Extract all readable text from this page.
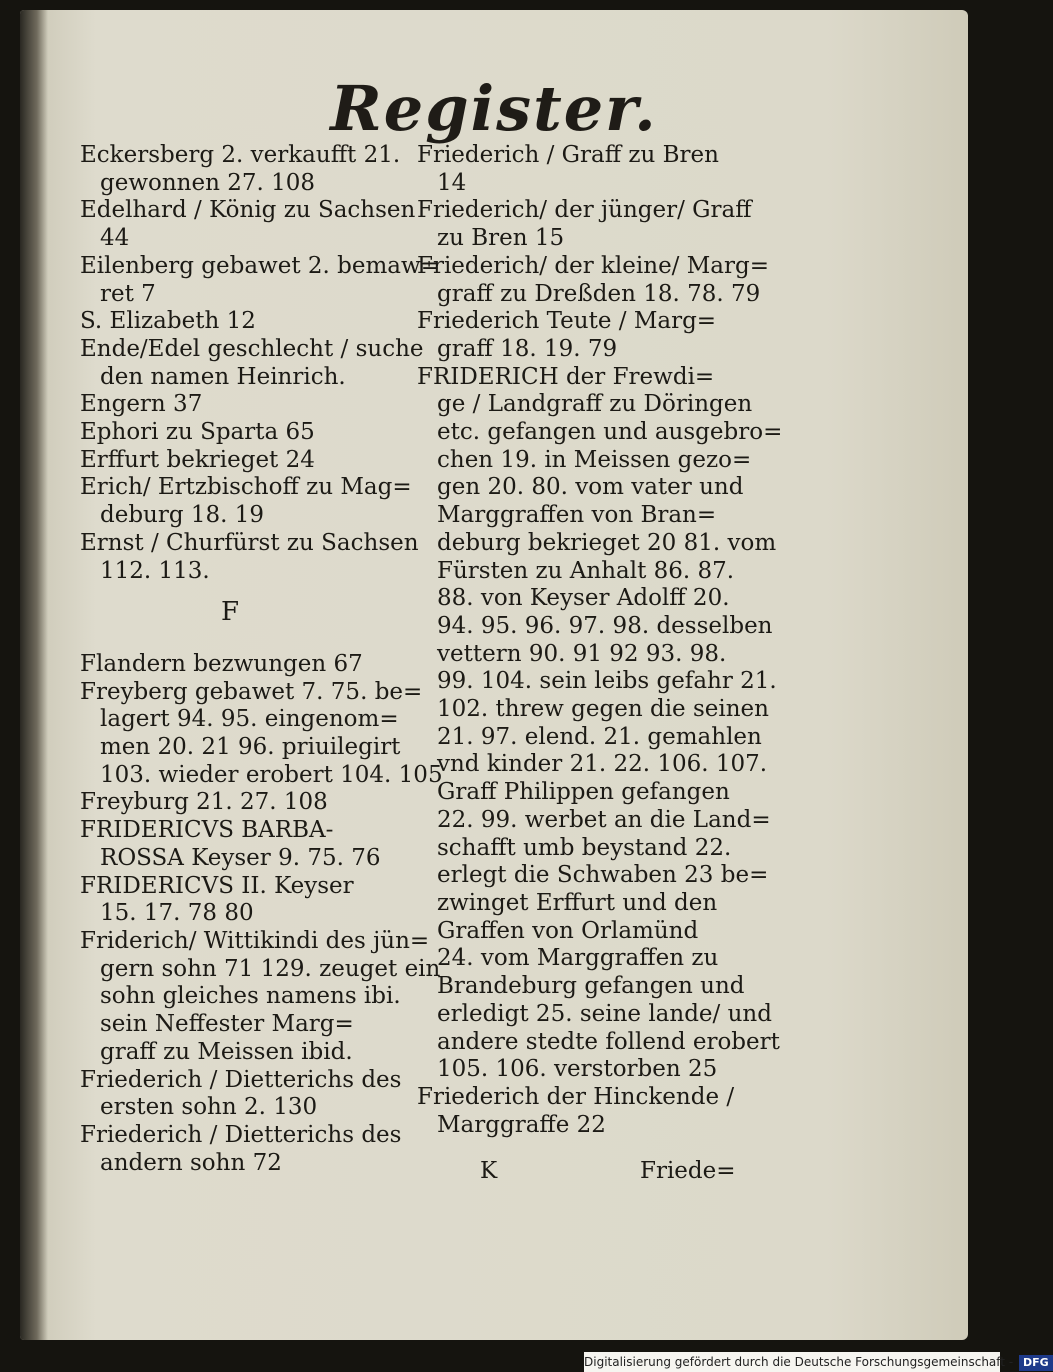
Register.
Eckersberg 2. verkaufft 21.
gewonnen 27. 108
Edelhard / König zu Sachsen
44
Eilenberg gebawet 2. bemaw=
ret 7
S. Elizabeth 12
Ende/Edel geschlecht / suche
den namen Heinrich.
Engern 37
Ephori zu Sparta 65
Erffurt bekrieget 24
Erich/ Ertzbischoff zu Mag=
deburg 18. 19
Ernst / Churfürst zu Sachsen
112. 113.
F
Flandern bezwungen 67
Freyberg gebawet 7. 75. be=
lagert 94. 95. eingenom=
men 20. 21 96. priuilegirt
103. wieder erobert 104. 105
Freyburg 21. 27. 108
FRIDERICVS BARBA-
ROSSA Keyser 9. 75. 76
FRIDERICVS II. Keyser
15. 17. 78 80
Friderich/ Wittikindi des jün=
gern sohn 71 129. zeuget ein
sohn gleiches namens ibi.
sein Neffester Marg=
graff zu Meissen ibid.
Friederich / Dietterichs des
ersten sohn 2. 130
Friederich / Dietterichs des
andern sohn 72
Friederich / Graff zu Bren
14
Friederich/ der jünger/ Graff
zu Bren 15
Friederich/ der kleine/ Marg=
graff zu Dreßden 18. 78. 79
Friederich Teute / Marg=
graff 18. 19. 79
FRIDERICH der Frewdi=
ge / Landgraff zu Döringen
etc. gefangen und ausgebro=
chen 19. in Meissen gezo=
gen 20. 80. vom vater und
Marggraffen von Bran=
deburg bekrieget 20 81. vom
Fürsten zu Anhalt 86. 87.
88. von Keyser Adolff 20.
94. 95. 96. 97. 98. desselben
vettern 90. 91 92 93. 98.
99. 104. sein leibs gefahr 21.
102. threw gegen die seinen
21. 97. elend. 21. gemahlen
vnd kinder 21. 22. 106. 107.
Graff Philippen gefangen
22. 99. werbet an die Land=
schafft umb beystand 22.
erlegt die Schwaben 23 be=
zwinget Erffurt und den
Graffen von Orlamünd
24. vom Marggraffen zu
Brandeburg gefangen und
erledigt 25. seine lande/ und
andere stedte follend erobert
105. 106. verstorben 25
Friederich der Hinckende /
Marggraffe 22
K	Friede=
Digitalisierung gefördert durch die Deutsche Forschungsgemeinschaft - DFG
